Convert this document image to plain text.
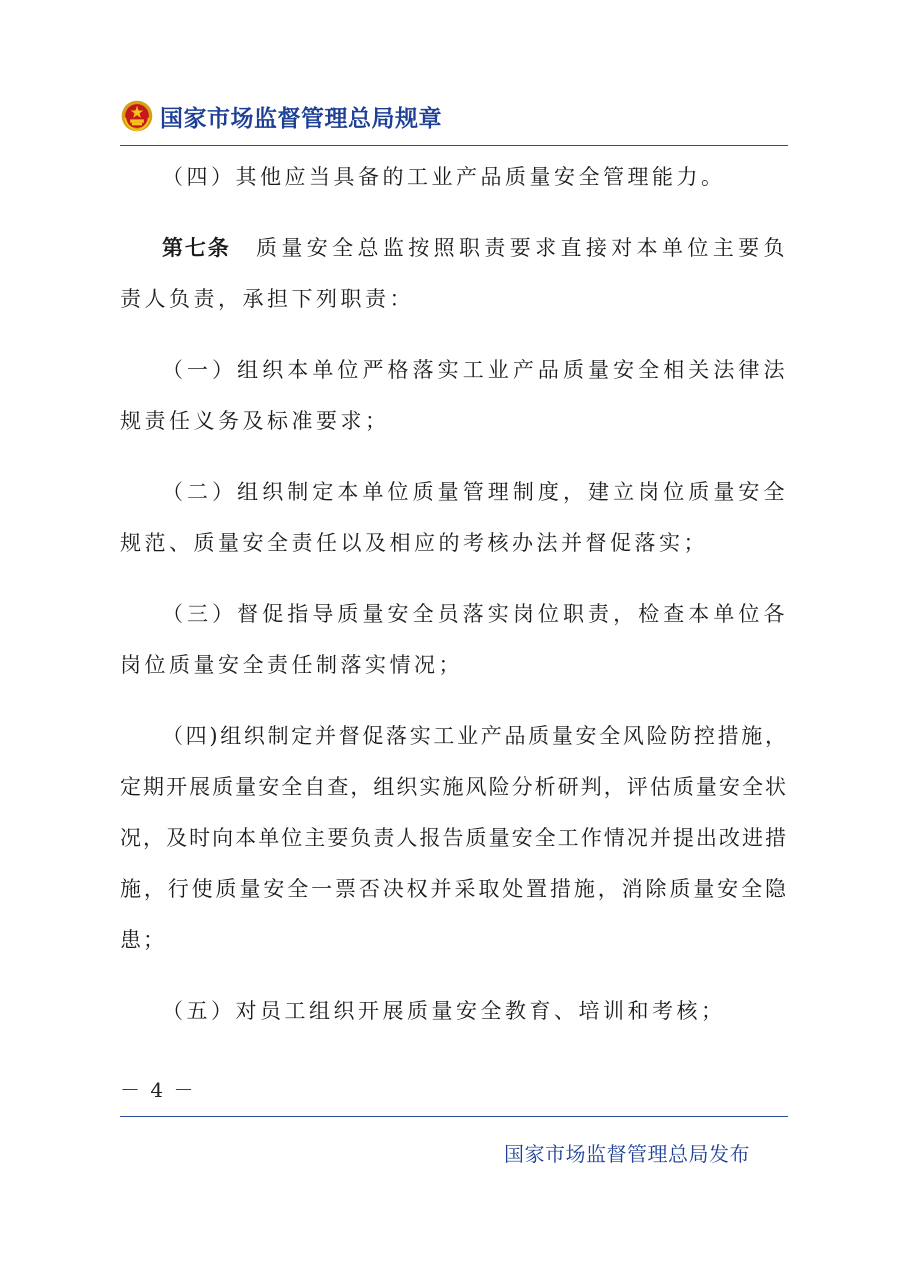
国家市场监督管理总局规章

（四）其他应当具备的工业产品质量安全管理能力。

第七条　 质量安全总监按照职责要求直接对本单位主要负责人负责，承担下列职责：

（一）组织本单位严格落实工业产品质量安全相关法律法规责任义务及标准要求；

（二）组织制定本单位质量管理制度，建立岗位质量安全规范、质量安全责任以及相应的考核办法并督促落实；

（三）督促指导质量安全员落实岗位职责，检查本单位各岗位质量安全责任制落实情况；

（四)组织制定并督促落实工业产品质量安全风险防控措施，定期开展质量安全自查，组织实施风险分析研判，评估质量安全状况，及时向本单位主要负责人报告质量安全工作情况并提出改进措施，行使质量安全一票否决权并采取处置措施，消除质量安全隐患；

（五）对员工组织开展质量安全教育、培训和考核；

－ 4 －
国家市场监督管理总局发布
